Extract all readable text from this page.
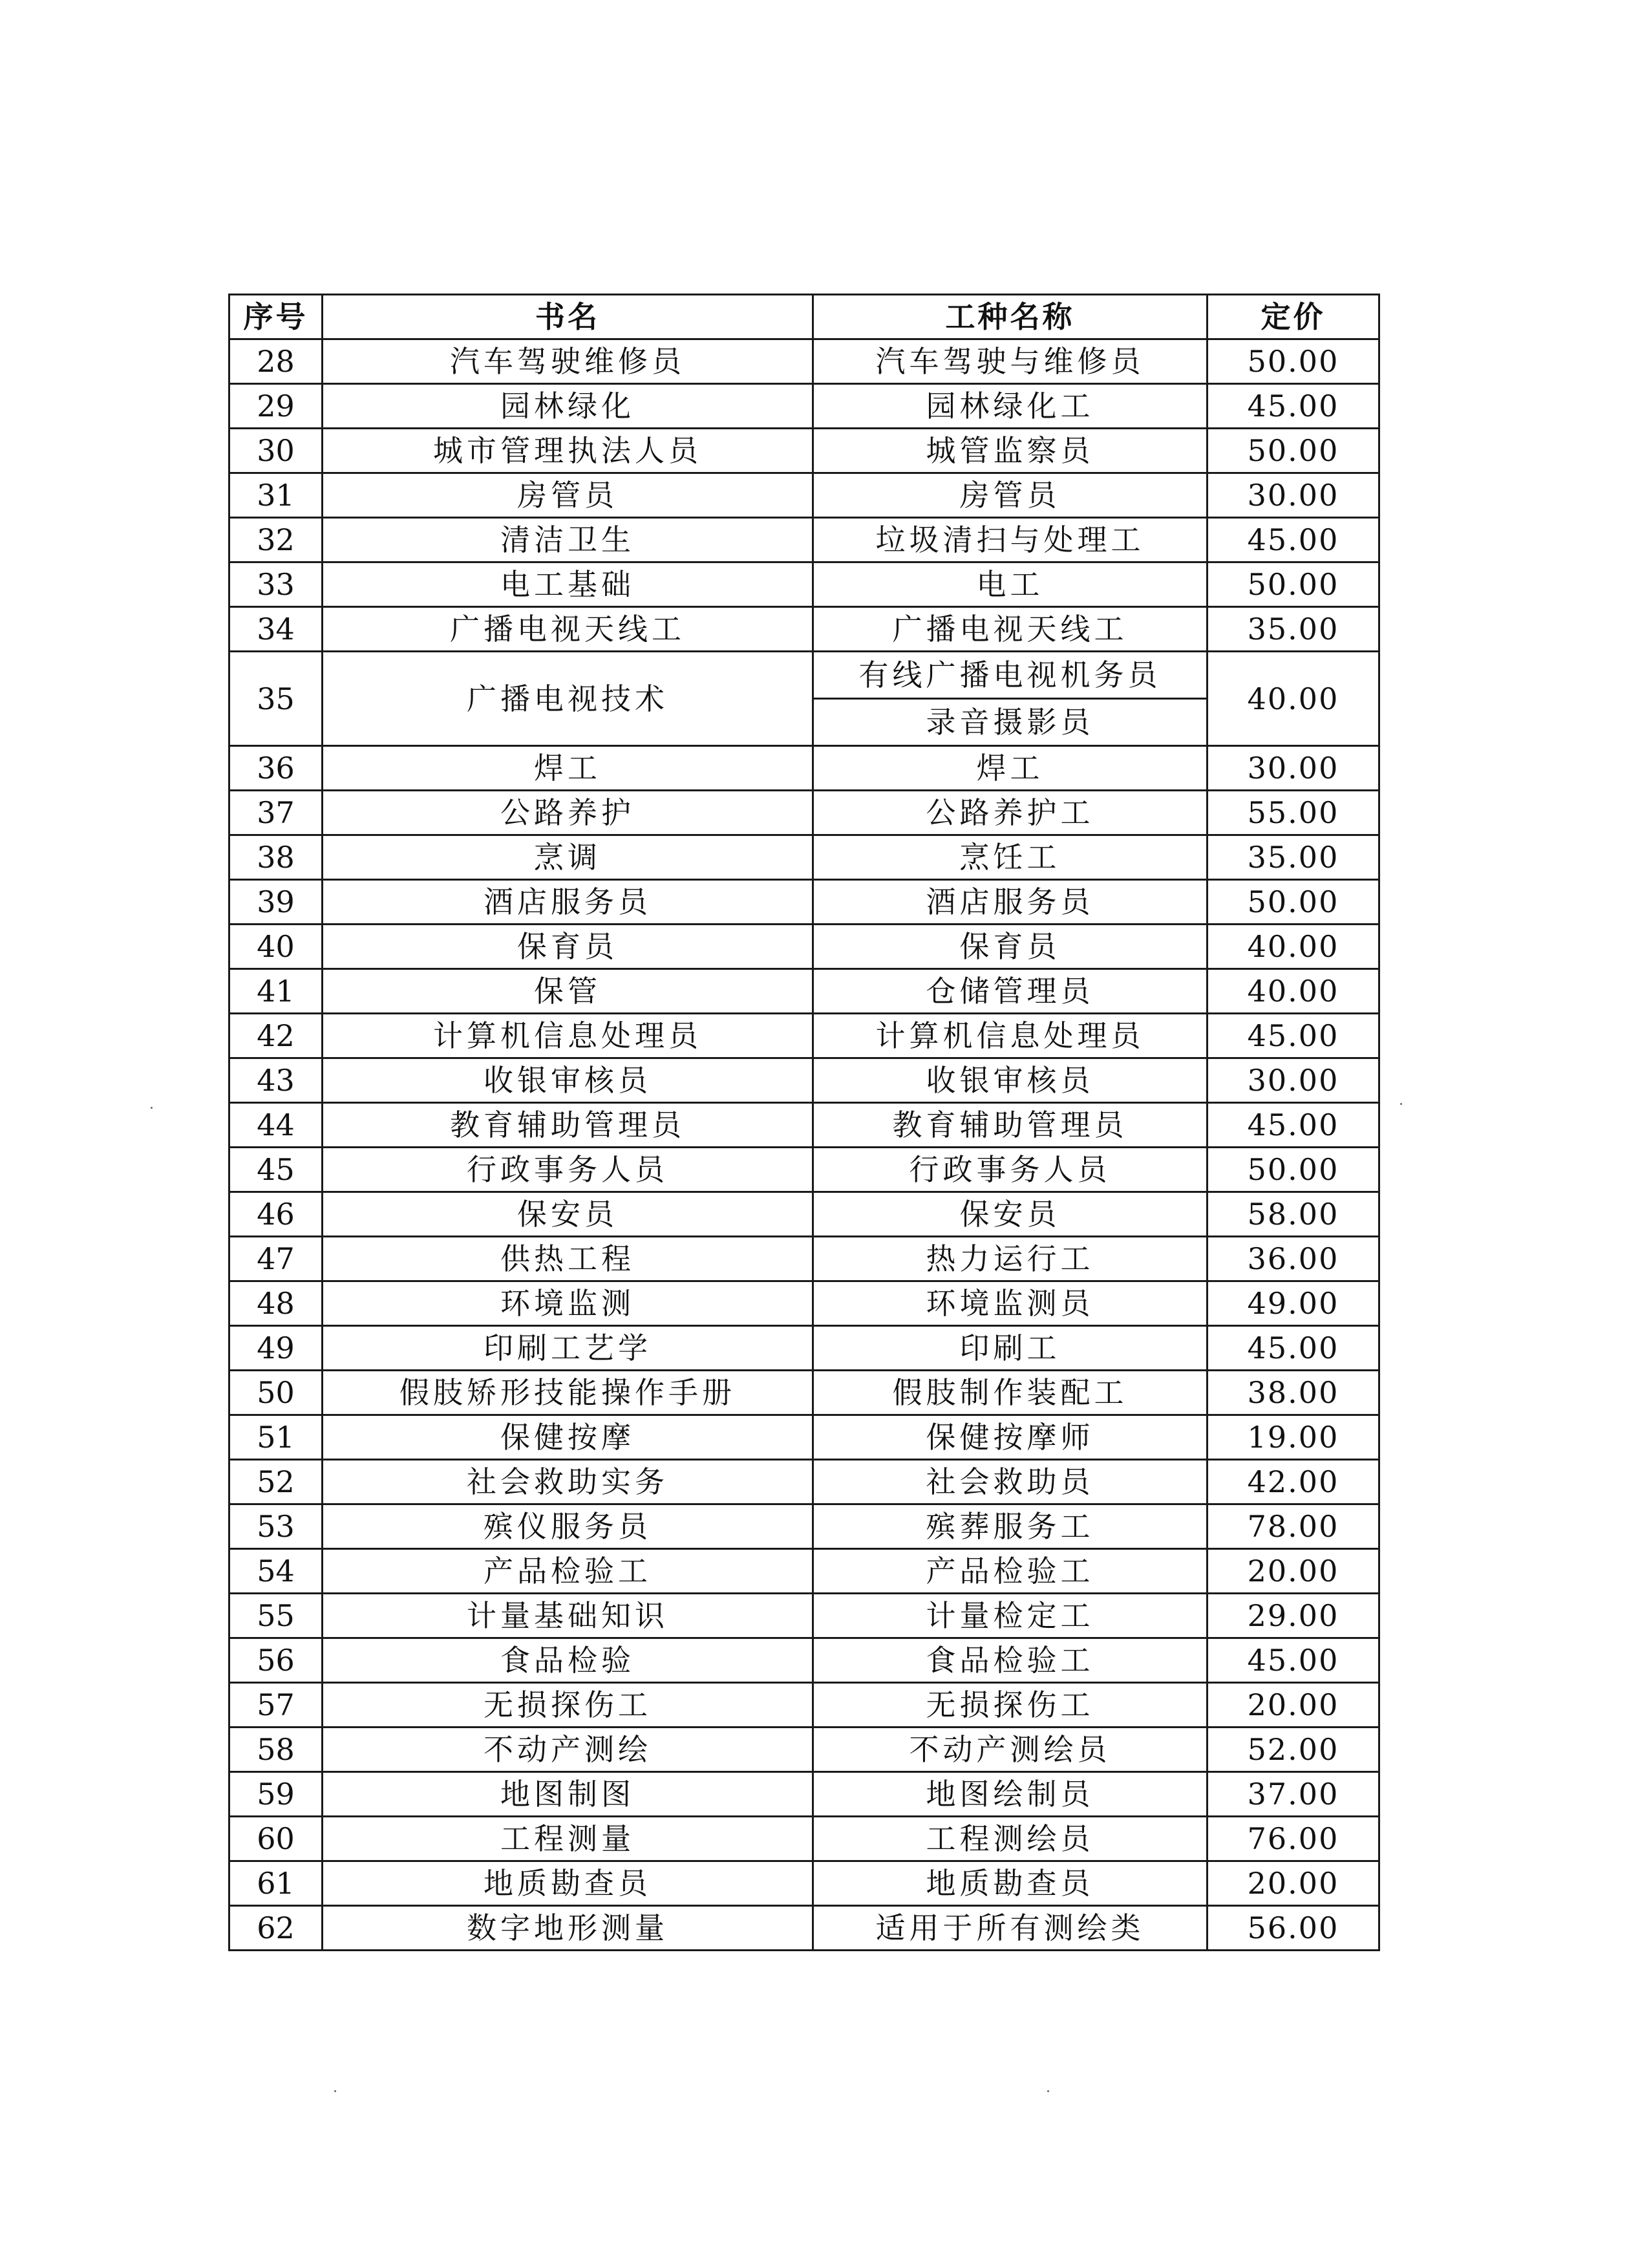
序号	书名	工种名称	定价
28	汽车驾驶维修员	汽车驾驶与维修员	50.00
29	园林绿化	园林绿化工	45.00
30	城市管理执法人员	城管监察员	50.00
31	房管员	房管员	30.00
32	清洁卫生	垃圾清扫与处理工	45.00
33	电工基础	电工	50.00
34	广播电视天线工	广播电视天线工	35.00
35	广播电视技术	有线广播电视机务员	40.00
		录音摄影员	
36	焊工	焊工	30.00
37	公路养护	公路养护工	55.00
38	烹调	烹饪工	35.00
39	酒店服务员	酒店服务员	50.00
40	保育员	保育员	40.00
41	保管	仓储管理员	40.00
42	计算机信息处理员	计算机信息处理员	45.00
43	收银审核员	收银审核员	30.00
44	教育辅助管理员	教育辅助管理员	45.00
45	行政事务人员	行政事务人员	50.00
46	保安员	保安员	58.00
47	供热工程	热力运行工	36.00
48	环境监测	环境监测员	49.00
49	印刷工艺学	印刷工	45.00
50	假肢矫形技能操作手册	假肢制作装配工	38.00
51	保健按摩	保健按摩师	19.00
52	社会救助实务	社会救助员	42.00
53	殡仪服务员	殡葬服务工	78.00
54	产品检验工	产品检验工	20.00
55	计量基础知识	计量检定工	29.00
56	食品检验	食品检验工	45.00
57	无损探伤工	无损探伤工	20.00
58	不动产测绘	不动产测绘员	52.00
59	地图制图	地图绘制员	37.00
60	工程测量	工程测绘员	76.00
61	地质勘查员	地质勘查员	20.00
62	数字地形测量	适用于所有测绘类	56.00
